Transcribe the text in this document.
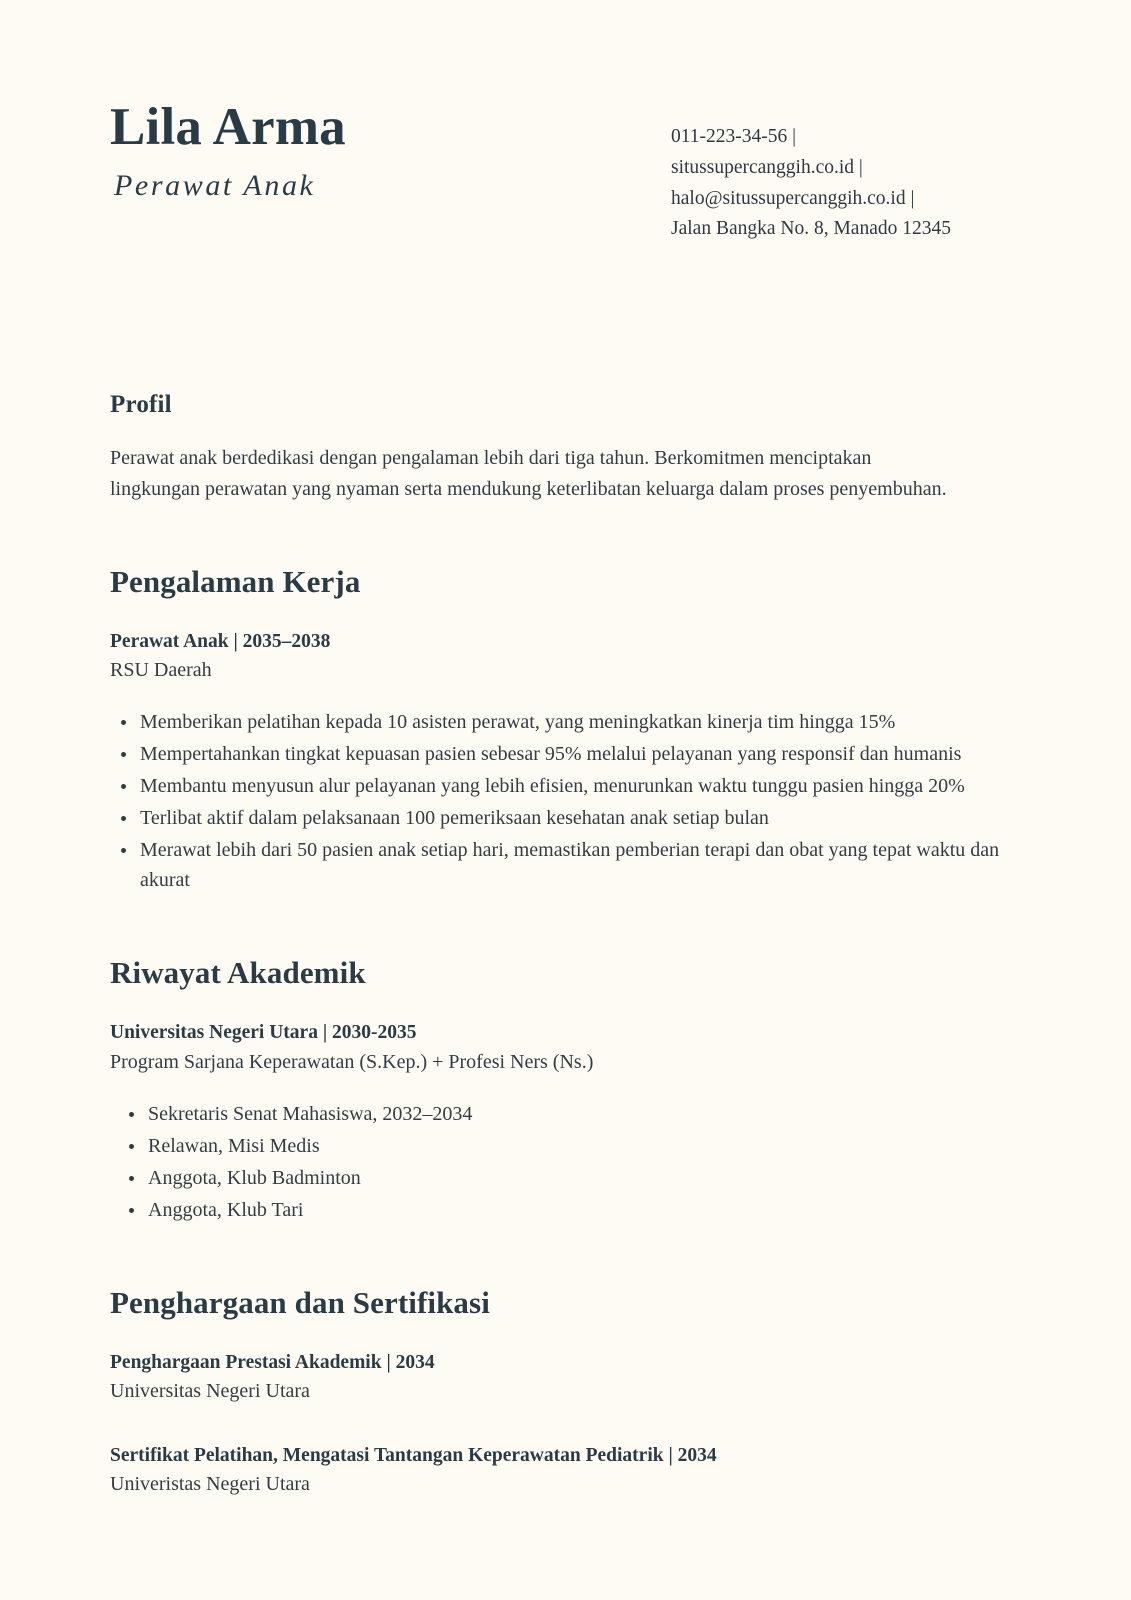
Lila Arma
Perawat Anak
011-223-34-56 |
situssupercanggih.co.id |
halo@situssupercanggih.co.id |
Jalan Bangka No. 8, Manado 12345
Profil

Perawat anak berdedikasi dengan pengalaman lebih dari tiga tahun. Berkomitmen menciptakan lingkungan perawatan yang nyaman serta mendukung keterlibatan keluarga dalam proses penyembuhan.

Pengalaman Kerja
Perawat Anak | 2035–2038
RSU Daerah
Memberikan pelatihan kepada 10 asisten perawat, yang meningkatkan kinerja tim hingga 15%
Mempertahankan tingkat kepuasan pasien sebesar 95% melalui pelayanan yang responsif dan humanis
Membantu menyusun alur pelayanan yang lebih efisien, menurunkan waktu tunggu pasien hingga 20%
Terlibat aktif dalam pelaksanaan 100 pemeriksaan kesehatan anak setiap bulan
Merawat lebih dari 50 pasien anak setiap hari, memastikan pemberian terapi dan obat yang tepat waktu dan akurat
Riwayat Akademik
Universitas Negeri Utara | 2030-2035
Program Sarjana Keperawatan (S.Kep.) + Profesi Ners (Ns.)
Sekretaris Senat Mahasiswa, 2032–2034
Relawan, Misi Medis
Anggota, Klub Badminton
Anggota, Klub Tari
Penghargaan dan Sertifikasi
Penghargaan Prestasi Akademik | 2034
Universitas Negeri Utara
Sertifikat Pelatihan, Mengatasi Tantangan Keperawatan Pediatrik | 2034
Univeristas Negeri Utara
